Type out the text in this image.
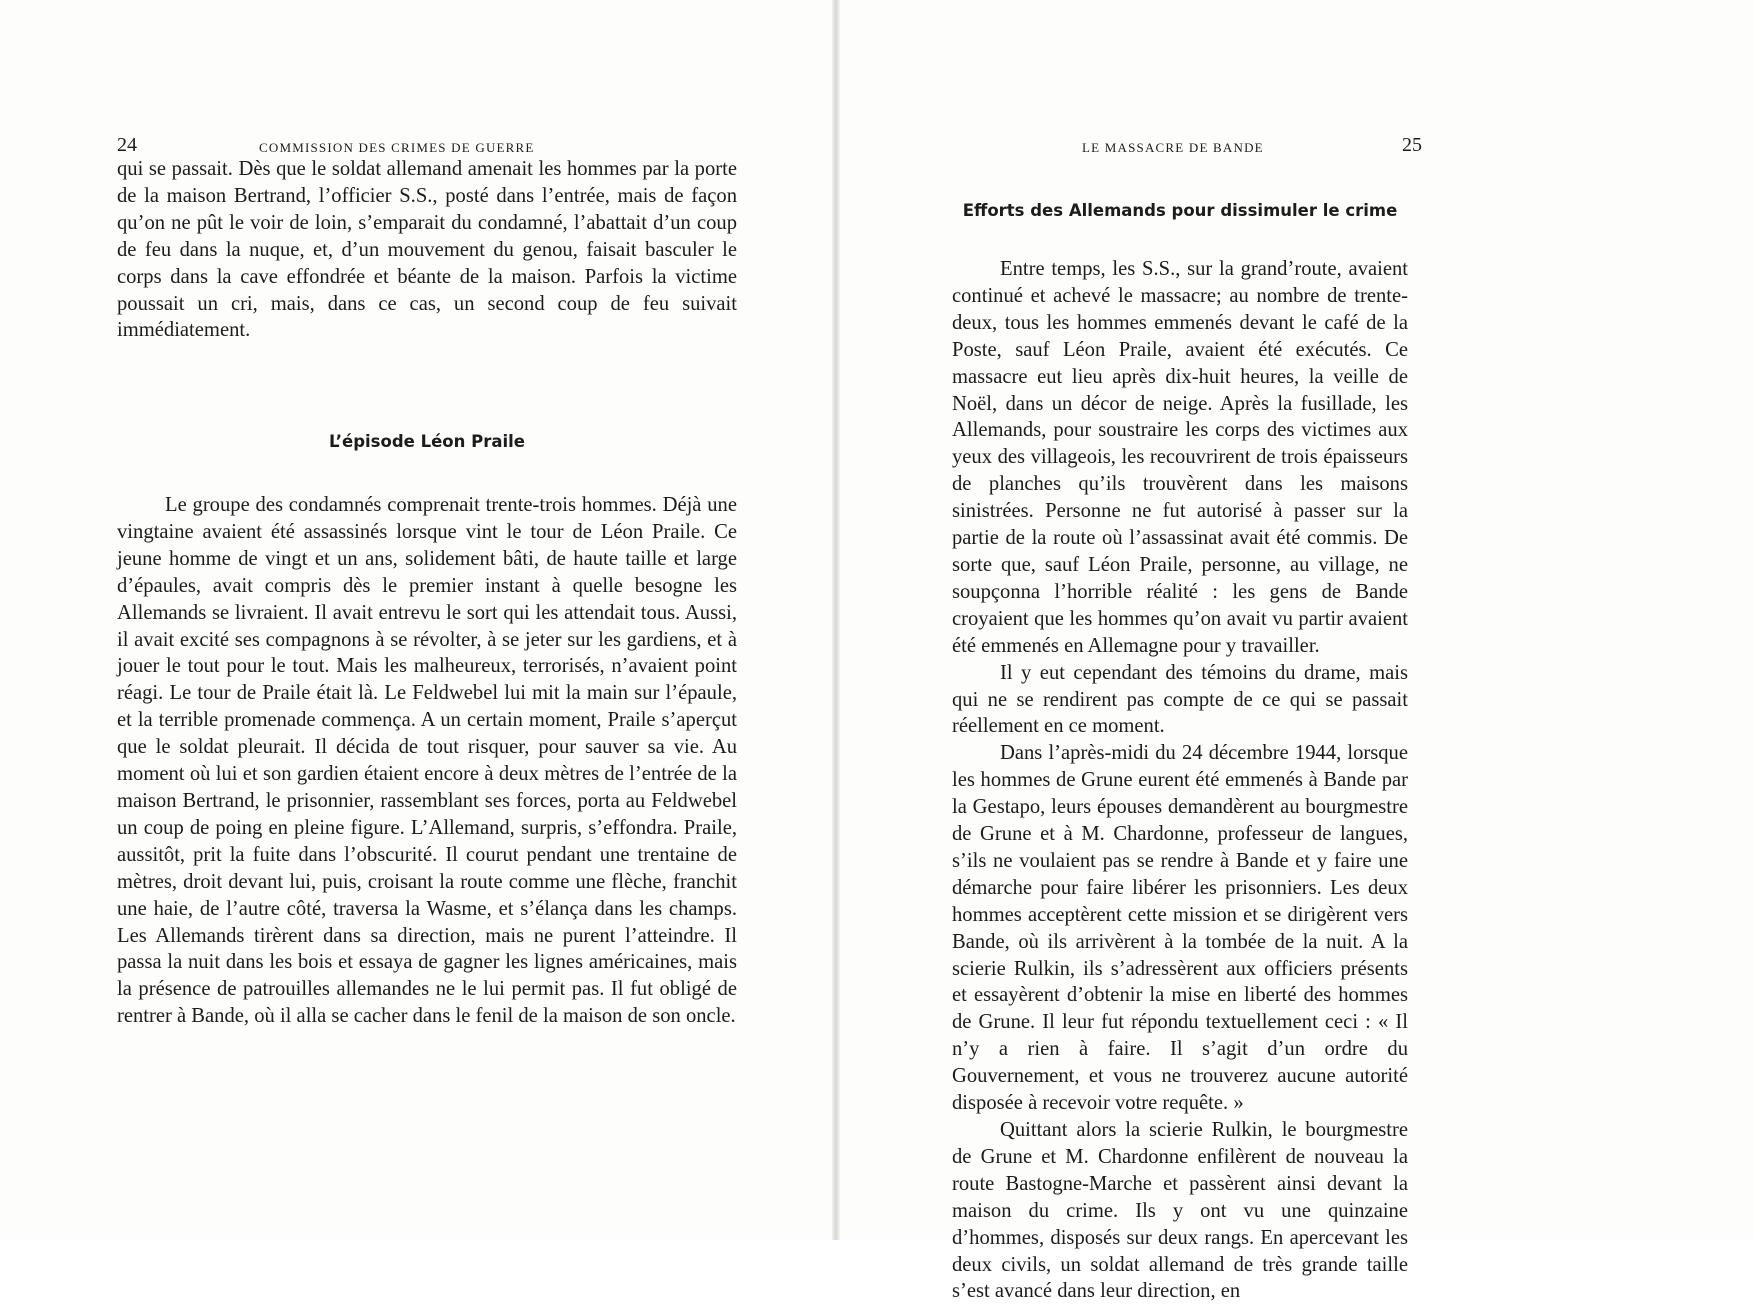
24	COMMISSION DES CRIMES DE GUERRE

qui se passait. Dès que le soldat allemand amenait les hommes par la porte de la maison Bertrand, l’officier S.S., posté dans l’entrée, mais de façon qu’on ne pût le voir de loin, s’emparait du condamné, l’abattait d’un coup de feu dans la nuque, et, d’un mouvement du genou, faisait basculer le corps dans la cave effondrée et béante de la maison. Parfois la victime poussait un cri, mais, dans ce cas, un second coup de feu suivait immédiatement.

L’épisode Léon Praile

Le groupe des condamnés comprenait trente-trois hommes. Déjà une vingtaine avaient été assassinés lorsque vint le tour de Léon Praile. Ce jeune homme de vingt et un ans, solidement bâti, de haute taille et large d’épaules, avait compris dès le premier instant à quelle besogne les Allemands se livraient. Il avait entrevu le sort qui les attendait tous. Aussi, il avait excité ses compagnons à se révolter, à se jeter sur les gardiens, et à jouer le tout pour le tout. Mais les malheureux, terrorisés, n’avaient point réagi. Le tour de Praile était là. Le Feldwebel lui mit la main sur l’épaule, et la terrible promenade commença. A un certain moment, Praile s’aperçut que le soldat pleurait. Il décida de tout risquer, pour sauver sa vie. Au moment où lui et son gardien étaient encore à deux mètres de l’entrée de la maison Bertrand, le prisonnier, rassemblant ses forces, porta au Feldwebel un coup de poing en pleine figure. L’Allemand, surpris, s’effondra. Praile, aussitôt, prit la fuite dans l’obscurité. Il courut pendant une trentaine de mètres, droit devant lui, puis, croisant la route comme une flèche, franchit une haie, de l’autre côté, traversa la Wasme, et s’élança dans les champs. Les Allemands tirèrent dans sa direction, mais ne purent l’atteindre. Il passa la nuit dans les bois et essaya de gagner les lignes américaines, mais la présence de patrouilles allemandes ne le lui permit pas. Il fut obligé de rentrer à Bande, où il alla se cacher dans le fenil de la maison de son oncle.

LE MASSACRE DE BANDE	25
Efforts des Allemands pour dissimuler le crime

Entre temps, les S.S., sur la grand’route, avaient continué et achevé le massacre; au nombre de trente-deux, tous les hommes emmenés devant le café de la Poste, sauf Léon Praile, avaient été exécutés. Ce massacre eut lieu après dix-huit heures, la veille de Noël, dans un décor de neige. Après la fusillade, les Allemands, pour soustraire les corps des victimes aux yeux des villageois, les recouvrirent de trois épaisseurs de planches qu’ils trouvèrent dans les maisons sinistrées. Personne ne fut autorisé à passer sur la partie de la route où l’assassinat avait été commis. De sorte que, sauf Léon Praile, personne, au village, ne soupçonna l’horrible réalité : les gens de Bande croyaient que les hommes qu’on avait vu partir avaient été emmenés en Allemagne pour y travailler.

Il y eut cependant des témoins du drame, mais qui ne se rendirent pas compte de ce qui se passait réellement en ce moment.

Dans l’après-midi du 24 décembre 1944, lorsque les hommes de Grune eurent été emmenés à Bande par la Gestapo, leurs épouses demandèrent au bourgmestre de Grune et à M. Chardonne, professeur de langues, s’ils ne voulaient pas se rendre à Bande et y faire une démarche pour faire libérer les prisonniers. Les deux hommes acceptèrent cette mission et se dirigèrent vers Bande, où ils arrivèrent à la tombée de la nuit. A la scierie Rulkin, ils s’adressèrent aux officiers présents et essayèrent d’obtenir la mise en liberté des hommes de Grune. Il leur fut répondu textuellement ceci : « Il n’y a rien à faire. Il s’agit d’un ordre du Gouvernement, et vous ne trouverez aucune autorité disposée à recevoir votre requête. »

Quittant alors la scierie Rulkin, le bourgmestre de Grune et M. Chardonne enfilèrent de nouveau la route Bastogne-Marche et passèrent ainsi devant la maison du crime. Ils y ont vu une quinzaine d’hommes, disposés sur deux rangs. En apercevant les deux civils, un soldat allemand de très grande taille s’est avancé dans leur direction, en
